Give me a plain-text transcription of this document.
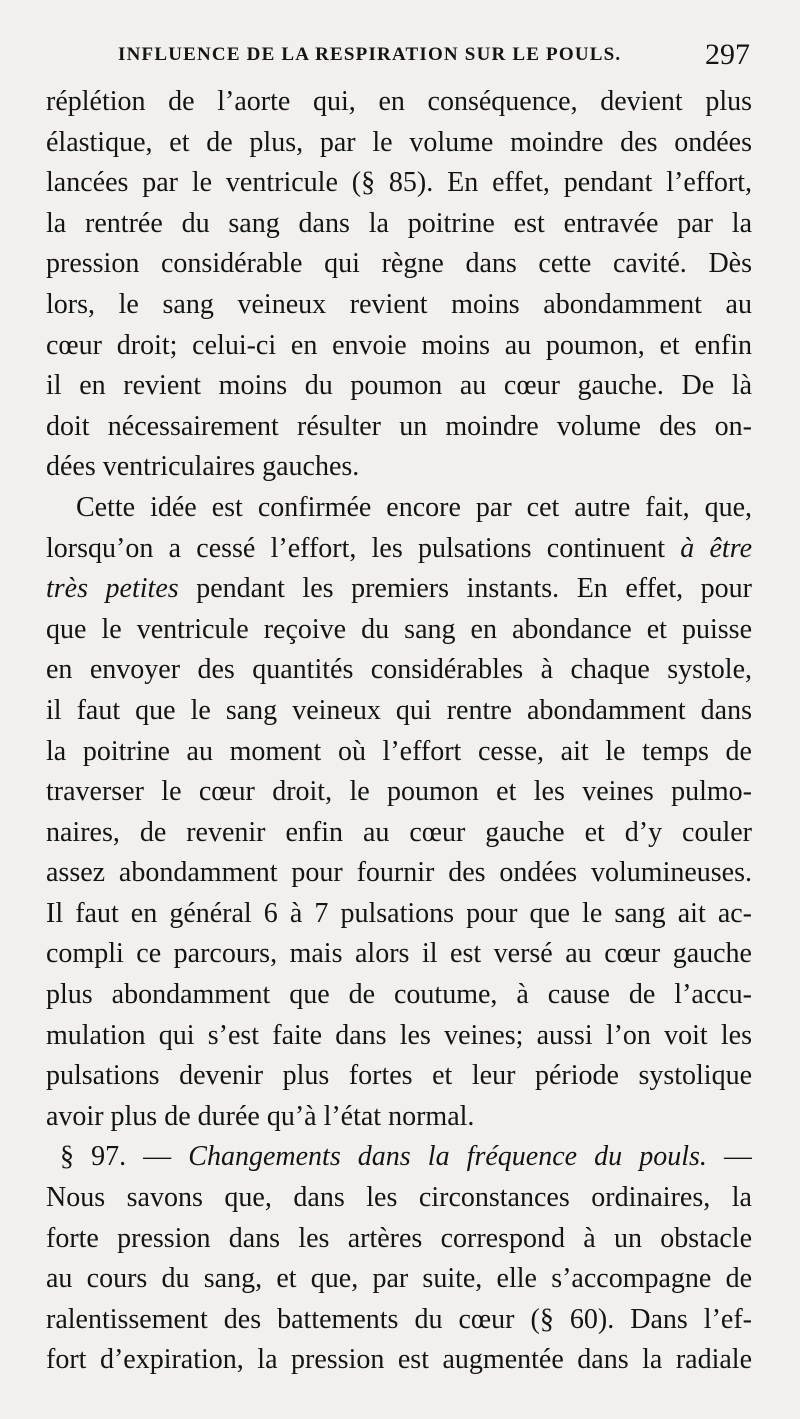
INFLUENCE DE LA RESPIRATION SUR LE POULS.	297
réplétion de l’aorte qui, en conséquence, devient plus
élastique, et de plus, par le volume moindre des ondées
lancées par le ventricule (§ 85). En effet, pendant l’effort,
la rentrée du sang dans la poitrine est entravée par la
pression considérable qui règne dans cette cavité. Dès
lors, le sang veineux revient moins abondamment au
cœur droit; celui-ci en envoie moins au poumon, et enfin
il en revient moins du poumon au cœur gauche. De là
doit nécessairement résulter un moindre volume des on-
dées ventriculaires gauches.
Cette idée est confirmée encore par cet autre fait, que,
lorsqu’on a cessé l’effort, les pulsations continuent à être
très petites pendant les premiers instants. En effet, pour
que le ventricule reçoive du sang en abondance et puisse
en envoyer des quantités considérables à chaque systole,
il faut que le sang veineux qui rentre abondamment dans
la poitrine au moment où l’effort cesse, ait le temps de
traverser le cœur droit, le poumon et les veines pulmo-
naires, de revenir enfin au cœur gauche et d’y couler
assez abondamment pour fournir des ondées volumineuses.
Il faut en général 6 à 7 pulsations pour que le sang ait ac-
compli ce parcours, mais alors il est versé au cœur gauche
plus abondamment que de coutume, à cause de l’accu-
mulation qui s’est faite dans les veines; aussi l’on voit les
pulsations devenir plus fortes et leur période systolique
avoir plus de durée qu’à l’état normal.
§ 97. — Changements dans la fréquence du pouls. —
Nous savons que, dans les circonstances ordinaires, la
forte pression dans les artères correspond à un obstacle
au cours du sang, et que, par suite, elle s’accompagne de
ralentissement des battements du cœur (§ 60). Dans l’ef-
fort d’expiration, la pression est augmentée dans la radiale
